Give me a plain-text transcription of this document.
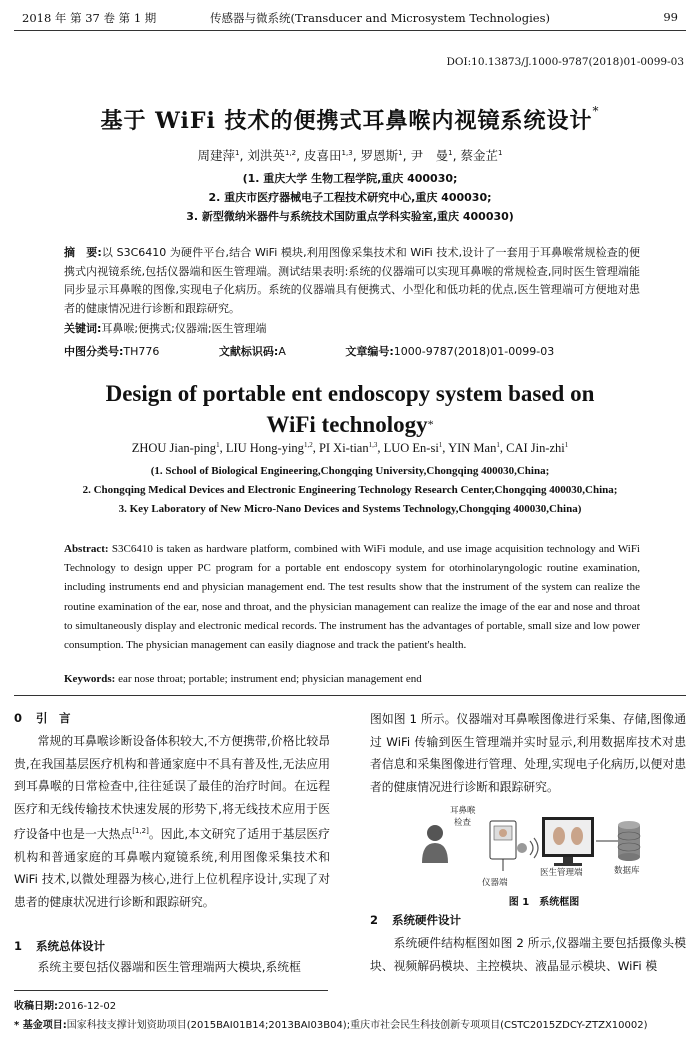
2018 年 第 37 卷 第 1 期	传感器与微系统(Transducer and Microsystem Technologies)	99
DOI:10.13873/J.1000-9787(2018)01-0099-03
基于 WiFi 技术的便携式耳鼻喉内视镜系统设计*
周建萍$^1$, 刘洪英$^{1,2}$, 皮喜田$^{1,3}$, 罗恩斯$^1$, 尹　曼$^1$, 蔡金芷$^1$
(1. 重庆大学 生物工程学院,重庆 400030;
2. 重庆市医疗器械电子工程技术研究中心,重庆 400030;
3. 新型微纳米器件与系统技术国防重点学科实验室,重庆 400030)
摘　要:以 S3C6410 为硬件平台,结合 WiFi 模块,利用图像采集技术和 WiFi 技术,设计了一套用于耳鼻喉常规检查的便携式内视镜系统,包括仪器端和医生管理端。测试结果表明:系统的仪器端可以实现耳鼻喉的常规检查,同时医生管理端能同步显示耳鼻喉的图像,实现电子化病历。系统的仪器端具有便携式、小型化和低功耗的优点,医生管理端可方便地对患者的健康情况进行诊断和跟踪研究。
关键词:耳鼻喉;便携式;仪器端;医生管理端
中图分类号:TH776	文献标识码:A	文章编号:1000-9787(2018)01-0099-03
Design of portable ent endoscopy system based on
WiFi technology*
ZHOU Jian-ping$^1$, LIU Hong-ying$^{1,2}$, PI Xi-tian$^{1,3}$, LUO $En-si^1$, YIN Man$^1$, CAI Jin-zhi$^1$
(1. School of Biological Engineering,Chongqing University,Chongqing 400030,China;
2. Chongqing Medical Devices and Electronic Engineering Technology Research Center,Chongqing 400030,China;
3. Key Laboratory of New Micro-Nano Devices and Systems Technology,Chongqing 400030,China)
Abstract: S3C6410 is taken as hardware platform, combined with WiFi module, and use image acquisition technology and WiFi Technology to design upper PC program for a portable ent endoscopy system for otorhinolaryngologic routine examination, including instruments end and physician management end. The test results show that the instrument of the system can realize the routine examination of the ear, nose and throat, and the physician management can realize the image of the ear and nose and throat to simultaneously display and electronic medical records. The instrument has the advantages of portable, small size and low power consumption. The physician management can easily diagnose and track the patient's health.
Keywords: ear nose throat; portable; instrument end; physician management end
0 引　言

常规的耳鼻喉诊断设备体积较大,不方便携带,价格比较昂贵,在我国基层医疗机构和普通家庭中不具有普及性,无法应用到耳鼻喉的日常检查中,往往延误了最佳的治疗时间。在远程医疗和无线传输技术快速发展的形势下,将无线技术应用于医疗设备中也是一大热点[1,2]。因此,本文研究了适用于基层医疗机构和普通家庭的耳鼻喉内窥镜系统,利用图像采集技术和 WiFi 技术,以微处理器为核心,进行上位机程序设计,实现了对患者的健康状况进行诊断和跟踪研究。

1 系统总体设计

系统主要包括仪器端和医生管理端两大模块,系统框

图如图 1 所示。仪器端对耳鼻喉图像进行采集、存储,图像通过 WiFi 传输到医生管理端并实时显示,利用数据库技术对患者信息和采集图像进行管理、处理,实现电子化病历,以便对患者的健康情况进行诊断和跟踪研究。
耳鼻喉
检查
仪器端
医生管理端	数据库
图 1　系统框图
2 系统硬件设计

系统硬件结构框图如图 2 所示,仪器端主要包括摄像头模块、视频解码模块、主控模块、液晶显示模块、WiFi 模

收稿日期:2016-12-02
* 基金项目:国家科技支撑计划资助项目(2015BAI01B14;2013BAI03B04);重庆市社会民生科技创新专项项目(CSTC2015ZDCY-ZTZX10002)
